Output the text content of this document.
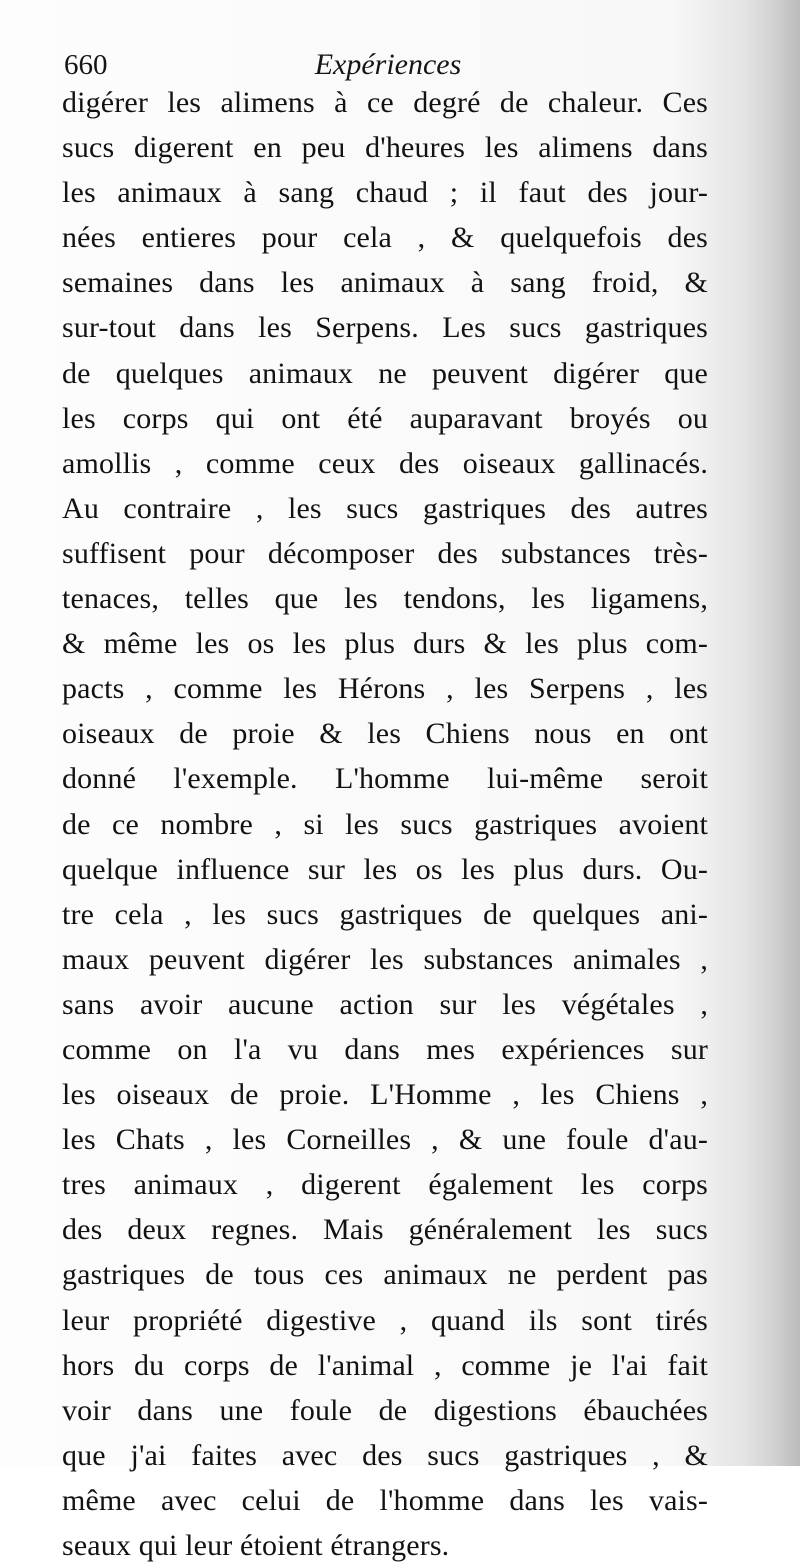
660	Expériences
digérer les alimens à ce degré de chaleur. Ces
sucs digerent en peu d'heures les alimens dans
les animaux à sang chaud ; il faut des jour-
nées entieres pour cela , & quelquefois des
semaines dans les animaux à sang froid, &
sur-tout dans les Serpens. Les sucs gastriques
de quelques animaux ne peuvent digérer que
les corps qui ont été auparavant broyés ou
amollis , comme ceux des oiseaux gallinacés.
Au contraire , les sucs gastriques des autres
suffisent pour décomposer des substances très-
tenaces, telles que les tendons, les ligamens,
& même les os les plus durs & les plus com-
pacts , comme les Hérons , les Serpens , les
oiseaux de proie & les Chiens nous en ont
donné l'exemple. L'homme lui-même seroit
de ce nombre , si les sucs gastriques avoient
quelque influence sur les os les plus durs. Ou-
tre cela , les sucs gastriques de quelques ani-
maux peuvent digérer les substances animales ,
sans avoir aucune action sur les végétales ,
comme on l'a vu dans mes expériences sur
les oiseaux de proie. L'Homme , les Chiens ,
les Chats , les Corneilles , & une foule d'au-
tres animaux , digerent également les corps
des deux regnes. Mais généralement les sucs
gastriques de tous ces animaux ne perdent pas
leur propriété digestive , quand ils sont tirés
hors du corps de l'animal , comme je l'ai fait
voir dans une foule de digestions ébauchées
que j'ai faites avec des sucs gastriques , &
même avec celui de l'homme dans les vais-
seaux qui leur étoient étrangers.
